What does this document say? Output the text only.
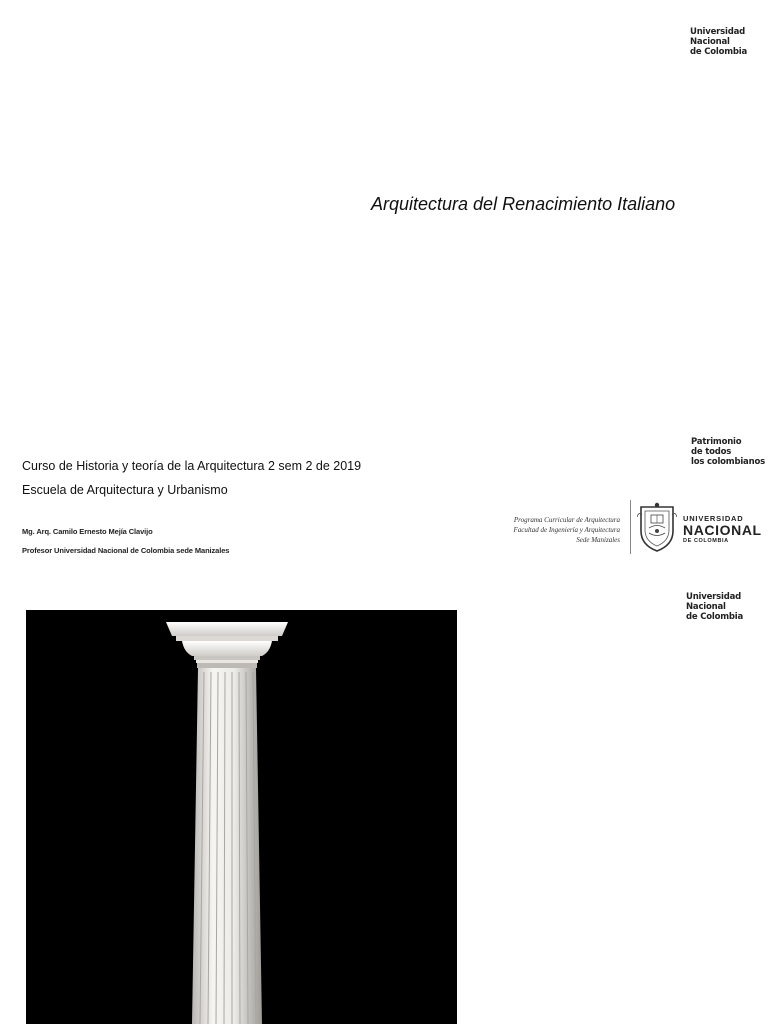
Universidad
Nacional
de Colombia
Arquitectura del Renacimiento Italiano
Patrimonio
de todos
los colombianos
Curso de Historia y teoría de la Arquitectura 2 sem 2 de 2019
Escuela de Arquitectura y Urbanismo
Mg. Arq. Camilo Ernesto Mejía Clavijo
Profesor Universidad Nacional de Colombia sede Manizales
Programa Curricular de Arquitectura
Facultad de Ingeniería y Arquitectura
Sede Manizales
UNIVERSIDAD
NACIONAL
DE COLOMBIA
Universidad
Nacional
de Colombia
